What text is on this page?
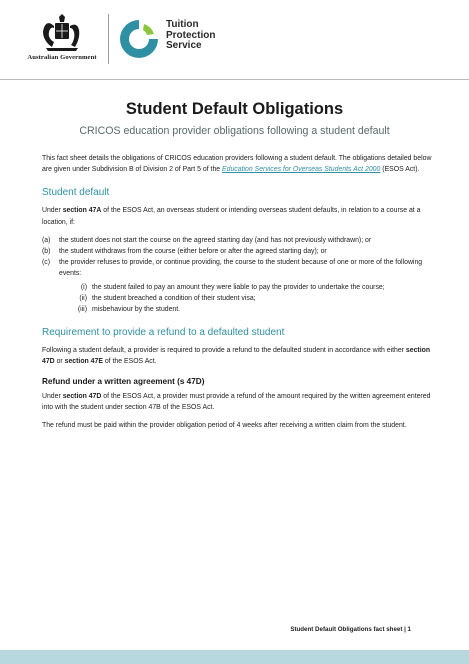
Australian Government
Tuition
Protection
Service
Student Default Obligations
CRICOS education provider obligations following a student default

This fact sheet details the obligations of CRICOS education providers following a student default. The obligations detailed below are given under Subdivision B of Division 2 of Part 5 of the Education Services for Overseas Students Act 2000 (ESOS Act).

Student default

Under section 47A of the ESOS Act, an overseas student or intending overseas student defaults, in relation to a course at a location, if:

(a) the student does not start the course on the agreed starting day (and has not previously withdrawn); or
(b) the student withdraws from the course (either before or after the agreed starting day); or
(c) the provider refuses to provide, or continue providing, the course to the student because of one or more of the following events:
(i) the student failed to pay an amount they were liable to pay the provider to undertake the course;
(ii) the student breached a condition of their student visa;
(iii) misbehaviour by the student.
Requirement to provide a refund to a defaulted student

Following a student default, a provider is required to provide a refund to the defaulted student in accordance with either section 47D or section 47E of the ESOS Act.

Refund under a written agreement (s 47D)

Under section 47D of the ESOS Act, a provider must provide a refund of the amount required by the written agreement entered into with the student under section 47B of the ESOS Act.

The refund must be paid within the provider obligation period of 4 weeks after receiving a written claim from the student.

Student Default Obligations fact sheet | 1
